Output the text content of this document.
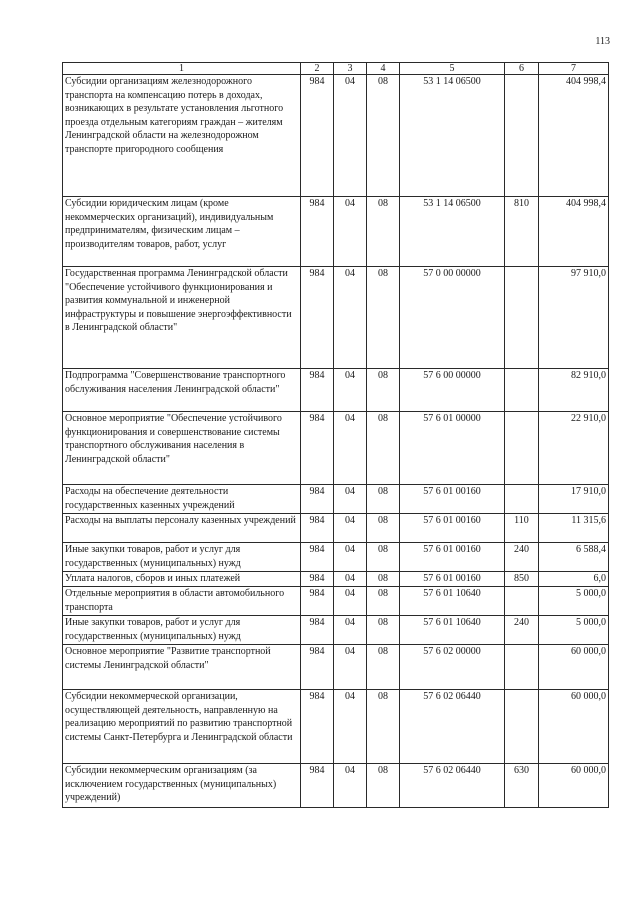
113
1	2	3	4	5	6	7
Субсидии организациям железнодорожного транспорта на компенсацию потерь в доходах, возникающих в результате установления льготного проезда отдельным категориям граждан – жителям Ленинградской области на железнодорожном транспорте пригородного сообщения	984	04	08	53 1 14 06500		404 998,4
Субсидии юридическим лицам (кроме некоммерческих организаций), индивидуальным предпринимателям, физическим лицам – производителям товаров, работ, услуг	984	04	08	53 1 14 06500	810	404 998,4
Государственная программа Ленинградской области "Обеспечение устойчивого функционирования и развития коммунальной и инженерной инфраструктуры и повышение энергоэффективности в Ленинградской области"	984	04	08	57 0 00 00000		97 910,0
Подпрограмма "Совершенствование транспортного обслуживания населения Ленинградской области"	984	04	08	57 6 00 00000		82 910,0
Основное мероприятие "Обеспечение устойчивого функционирования и совершенствование системы транспортного обслуживания населения в Ленинградской области"	984	04	08	57 6 01 00000		22 910,0
Расходы на обеспечение деятельности государственных казенных учреждений	984	04	08	57 6 01 00160		17 910,0
Расходы на выплаты персоналу казенных учреждений	984	04	08	57 6 01 00160	110	11 315,6
Иные закупки товаров, работ и услуг для государственных (муниципальных) нужд	984	04	08	57 6 01 00160	240	6 588,4
Уплата налогов, сборов и иных платежей	984	04	08	57 6 01 00160	850	6,0
Отдельные мероприятия в области автомобильного транспорта	984	04	08	57 6 01 10640		5 000,0
Иные закупки товаров, работ и услуг для государственных (муниципальных) нужд	984	04	08	57 6 01 10640	240	5 000,0
Основное мероприятие "Развитие транспортной системы Ленинградской области"	984	04	08	57 6 02 00000		60 000,0
Субсидии некоммерческой организации, осуществляющей деятельность, направленную на реализацию мероприятий по развитию транспортной системы Санкт-Петербурга и Ленинградской области	984	04	08	57 6 02 06440		60 000,0
Субсидии некоммерческим организациям (за исключением государственных (муниципальных) учреждений)	984	04	08	57 6 02 06440	630	60 000,0
